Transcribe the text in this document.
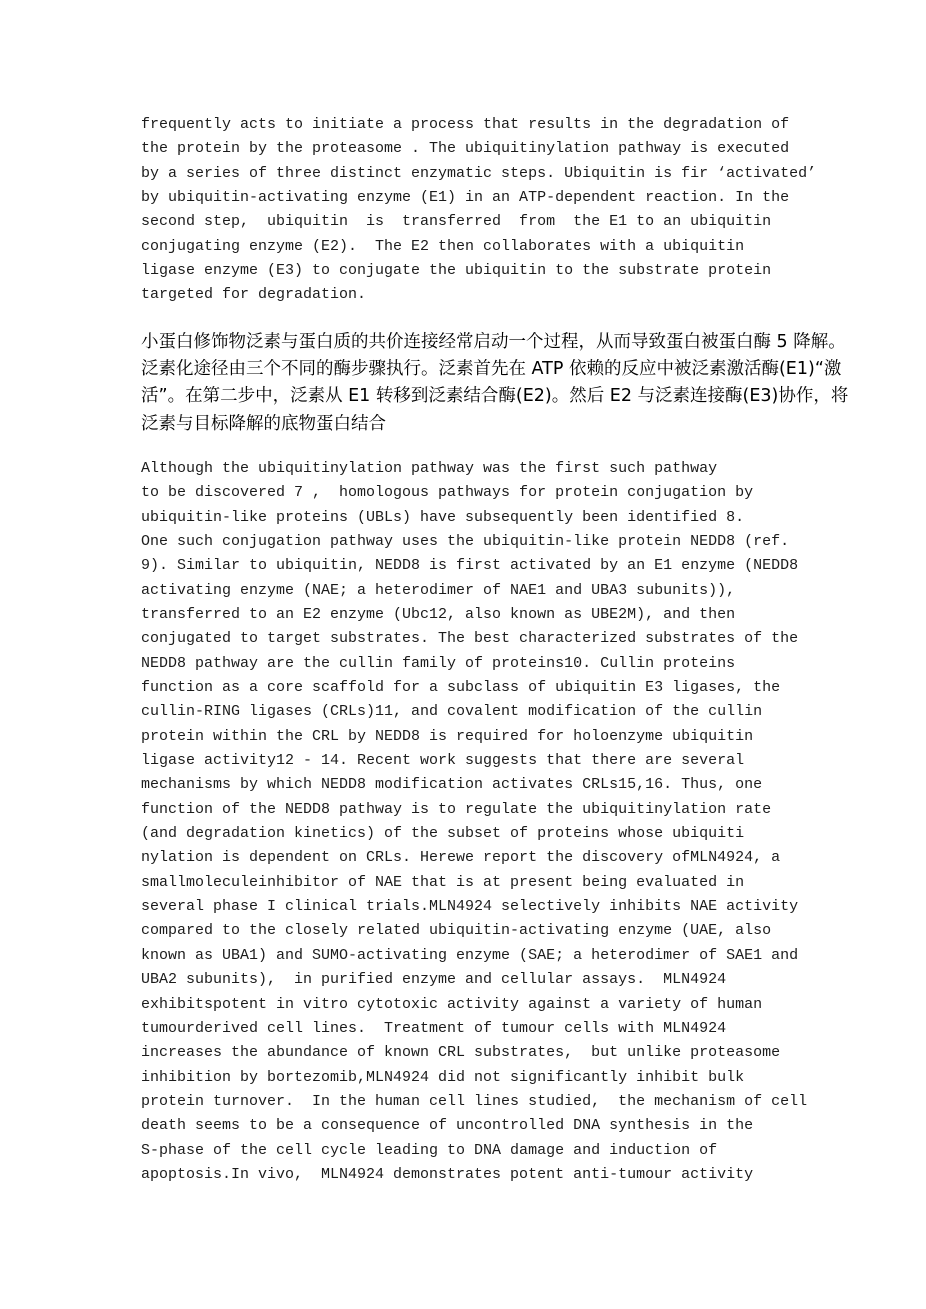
frequently acts to initiate a process that results in the degradation of
the protein by the proteasome . The ubiquitinylation pathway is executed
by a series of three distinct enzymatic steps. Ubiquitin is fir ‘activated’
by ubiquitin-activating enzyme (E1) in an ATP-dependent reaction. In the
second step,  ubiquitin  is  transferred  from  the E1 to an ubiquitin
conjugating enzyme (E2).  The E2 then collaborates with a ubiquitin
ligase enzyme (E3) to conjugate the ubiquitin to the substrate protein
targeted for degradation.
小蛋白修饰物泛素与蛋白质的共价连接经常启动一个过程，从而导致蛋白被蛋白酶 5 降解。
泛素化途径由三个不同的酶步骤执行。泛素首先在 ATP 依赖的反应中被泛素激活酶(E1)“激
活”。在第二步中，泛素从 E1 转移到泛素结合酶(E2)。然后 E2 与泛素连接酶(E3)协作，将
泛素与目标降解的底物蛋白结合
Although the ubiquitinylation pathway was the first such pathway
to be discovered 7 ,  homologous pathways for protein conjugation by
ubiquitin-like proteins (UBLs) have subsequently been identified 8.
One such conjugation pathway uses the ubiquitin-like protein NEDD8 (ref.
9). Similar to ubiquitin, NEDD8 is first activated by an E1 enzyme (NEDD8
activating enzyme (NAE; a heterodimer of NAE1 and UBA3 subunits)),
transferred to an E2 enzyme (Ubc12, also known as UBE2M), and then
conjugated to target substrates. The best characterized substrates of the
NEDD8 pathway are the cullin family of proteins10. Cullin proteins
function as a core scaffold for a subclass of ubiquitin E3 ligases, the
cullin-RING ligases (CRLs)11, and covalent modification of the cullin
protein within the CRL by NEDD8 is required for holoenzyme ubiquitin
ligase activity12 - 14. Recent work suggests that there are several
mechanisms by which NEDD8 modification activates CRLs15,16. Thus, one
function of the NEDD8 pathway is to regulate the ubiquitinylation rate
(and degradation kinetics) of the subset of proteins whose ubiquiti
nylation is dependent on CRLs. Herewe report the discovery ofMLN4924, a
smallmoleculeinhibitor of NAE that is at present being evaluated in
several phase I clinical trials.MLN4924 selectively inhibits NAE activity
compared to the closely related ubiquitin-activating enzyme (UAE, also
known as UBA1) and SUMO-activating enzyme (SAE; a heterodimer of SAE1 and
UBA2 subunits),  in purified enzyme and cellular assays.  MLN4924
exhibitspotent in vitro cytotoxic activity against a variety of human
tumourderived cell lines.  Treatment of tumour cells with MLN4924
increases the abundance of known CRL substrates,  but unlike proteasome
inhibition by bortezomib,MLN4924 did not significantly inhibit bulk
protein turnover.  In the human cell lines studied,  the mechanism of cell
death seems to be a consequence of uncontrolled DNA synthesis in the
S-phase of the cell cycle leading to DNA damage and induction of
apoptosis.In vivo,  MLN4924 demonstrates potent anti-tumour activity
